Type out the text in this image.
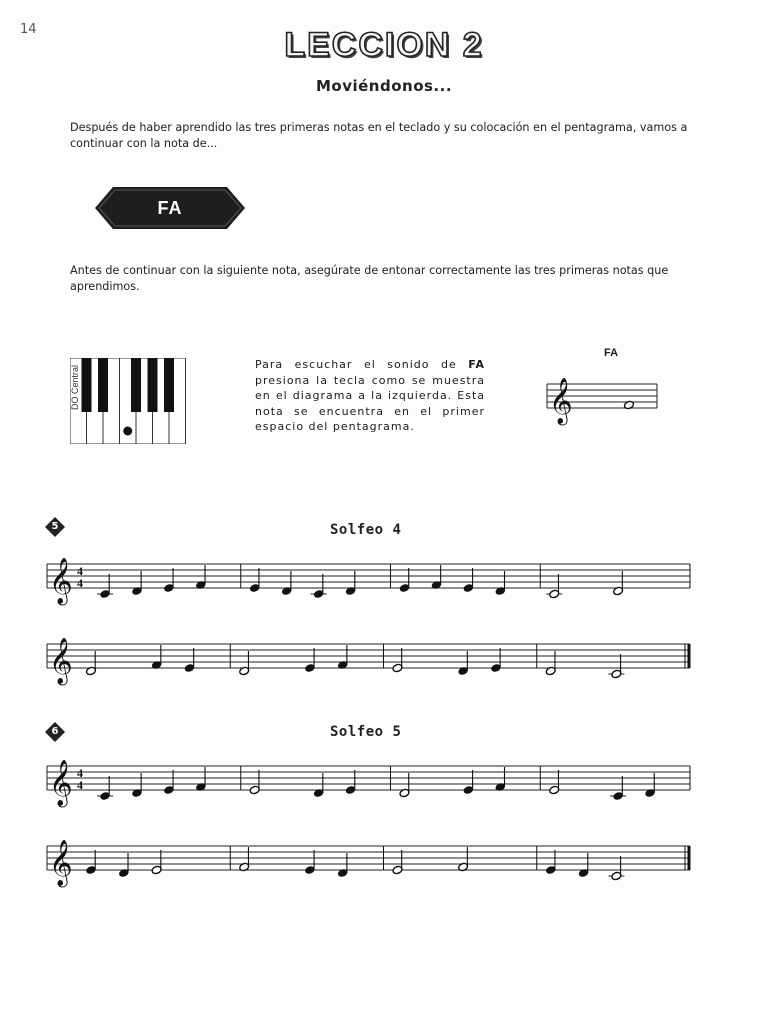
14	LECCION 2
Moviéndonos...
Después de haber aprendido las tres primeras notas en el teclado y su colocación en el pentagrama, vamos a continuar con la nota de...
FA
Antes de continuar con la siguiente nota, asegúrate de entonar correctamente las tres primeras notas que aprendimos.
DO Central	Para escuchar el sonido de FA presiona la tecla como se muestra en el diagrama a la izquierda. Esta nota se encuentra en el primer espacio del pentagrama.
FA
𝄞
5	Solfeo 4
𝄞 4
4
𝄞
6	Solfeo 5
𝄞 4
4
𝄞
